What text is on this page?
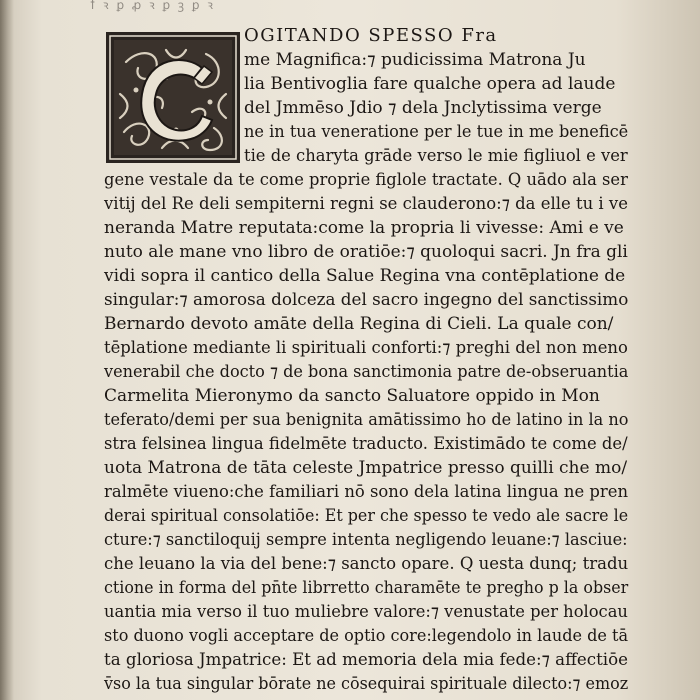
ꝉ ꝛ ꝑ ꝓ ꝛ ꝑ ꝫ ꝑ ꝛ
OGITANDO SPESSO Fra
me Magnifica:⁊ pudicissima Matrona Ju
lia Bentivoglia fare qualche opera ad laude
del Jmmēso Jdio ⁊ dela Jnclytissima verge
ne in tua veneratione per le tue in me beneficē
tie de charyta grāde verso le mie figliuol e ver
gene vestale da te come proprie figlole tractate. Q uādo ala ser
vitij del Re deli sempiterni regni se clauderono:⁊ da elle tu i ve
neranda Matre reputata:come la propria li vivesse: Ami e ve
nuto ale mane vno libro de oratiōe:⁊ quoloqui sacri. Jn fra gli
vidi sopra il cantico della Salue Regina vna contēplatione de
singular:⁊ amorosa dolceza del sacro ingegno del sanctissimo
Bernardo devoto amāte della Regina di Cieli. La quale con/
tēplatione mediante li spirituali conforti:⁊ preghi del non meno
venerabil che docto ⁊ de bona sanctimonia patre de-obseruantia
Carmelita Mieronymo da sancto Saluatore oppido in Mon
teferato/demi per sua benignita amātissimo ho de latino in la no
stra felsinea lingua fidelmēte traducto. Existimādo te come de/
uota Matrona de tāta celeste Jmpatrice presso quilli che mo/
ralmēte viueno:che familiari nō sono dela latina lingua ne pren
derai spiritual consolatiōe: Et per che spesso te vedo ale sacre le
cture:⁊ sanctiloquij sempre intenta negligendo leuane:⁊ lasciue:
che leuano la via del bene:⁊ sancto opare. Q uesta dunq; tradu
ctione in forma del pn̄te librretto charamēte te pregho p la obser
uantia mia verso il tuo muliebre valore:⁊ venustate per holocau
sto duono vogli acceptare de optio core:legendolo in laude de tā
ta gloriosa Jmpatrice: Et ad memoria dela mia fede:⁊ affectiōe
v̄so la tua singular bōrate ne cōsequirai spirituale dilecto:⁊ emoz
